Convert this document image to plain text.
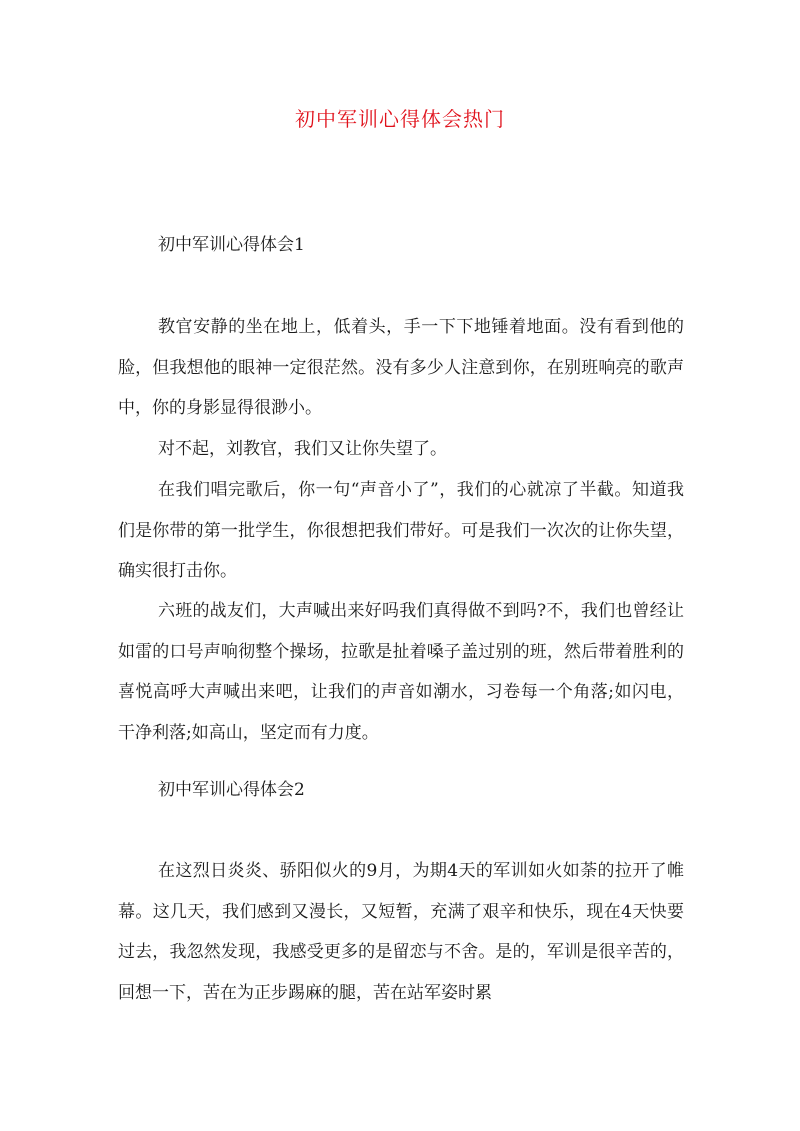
初中军训心得体会热门
初中军训心得体会1

教官安静的坐在地上，低着头，手一下下地锤着地面。没有看到他的脸，但我想他的眼神一定很茫然。没有多少人注意到你，在别班响亮的歌声中，你的身影显得很渺小。

对不起，刘教官，我们又让你失望了。

在我们唱完歌后，你一句“声音小了”，我们的心就凉了半截。知道我们是你带的第一批学生，你很想把我们带好。可是我们一次次的让你失望，确实很打击你。

六班的战友们，大声喊出来好吗我们真得做不到吗?不，我们也曾经让如雷的口号声响彻整个操场，拉歌是扯着嗓子盖过别的班，然后带着胜利的喜悦高呼大声喊出来吧，让我们的声音如潮水，习卷每一个角落;如闪电，干净利落;如高山，坚定而有力度。

初中军训心得体会2

在这烈日炎炎、骄阳似火的9月，为期4天的军训如火如荼的拉开了帷幕。这几天，我们感到又漫长，又短暂，充满了艰辛和快乐，现在4天快要过去，我忽然发现，我感受更多的是留恋与不舍。是的，军训是很辛苦的，回想一下，苦在为正步踢麻的腿，苦在站军姿时累
